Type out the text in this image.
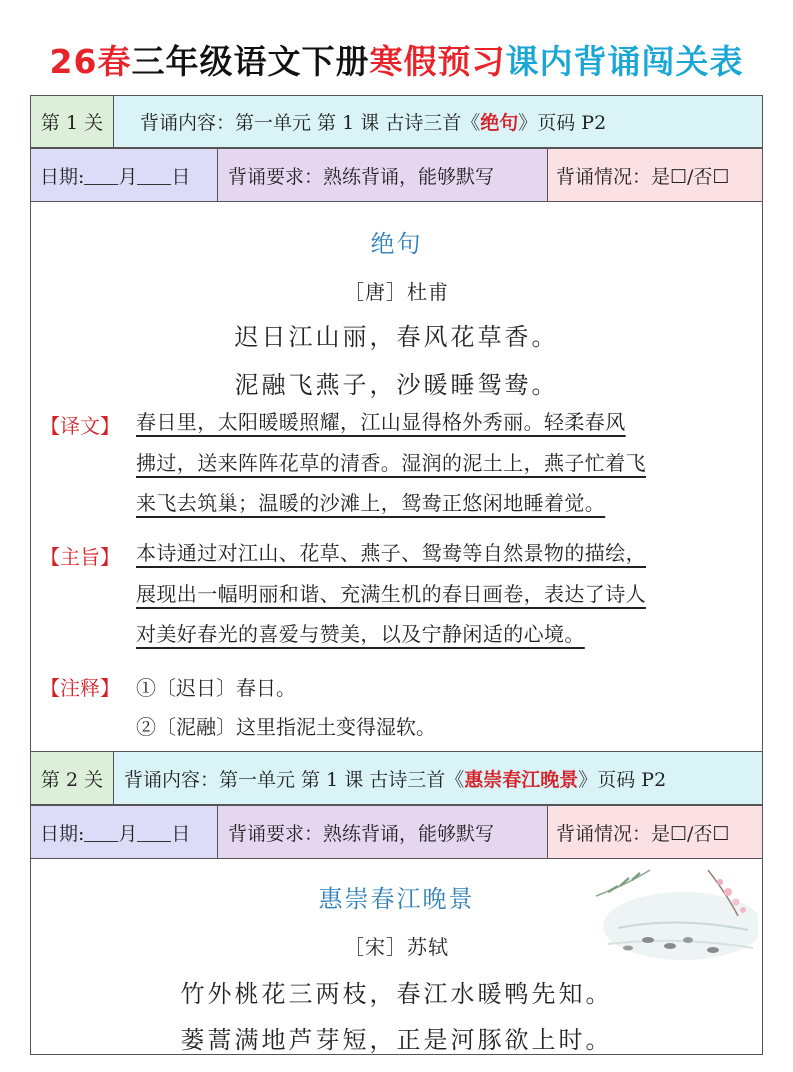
26春三年级语文下册寒假预习课内背诵闯关表
第 1 关	背诵内容：第一单元 第 1 课 古诗三首《 绝句 》页码 P2
日期: 月 日	背诵要求：熟练背诵，能够默写	背诵情况：是☐/否☐
绝句
［唐］杜甫
迟日江山丽，春风花草香。
泥融飞燕子，沙暖睡鸳鸯。
【译文】 春日里，太阳暖暖照耀，江山显得格外秀丽。轻柔春风
拂过，送来阵阵花草的清香。湿润的泥土上，燕子忙着飞
来飞去筑巢；温暖的沙滩上，鸳鸯正悠闲地睡着觉。
【主旨】 本诗通过对江山、花草、燕子、鸳鸯等自然景物的描绘，
展现出一幅明丽和谐、充满生机的春日画卷，表达了诗人
对美好春光的喜爱与赞美，以及宁静闲适的心境。
【注释】 ①〔迟日〕春日。
②〔泥融〕这里指泥土变得湿软。
第 2 关	背诵内容：第一单元 第 1 课 古诗三首《 惠崇春江晚景 》页码 P2
日期: 月 日	背诵要求：熟练背诵，能够默写	背诵情况：是☐/否☐
惠崇春江晚景
［宋］苏轼
竹外桃花三两枝，春江水暖鸭先知。
蒌蒿满地芦芽短，正是河豚欲上时。
